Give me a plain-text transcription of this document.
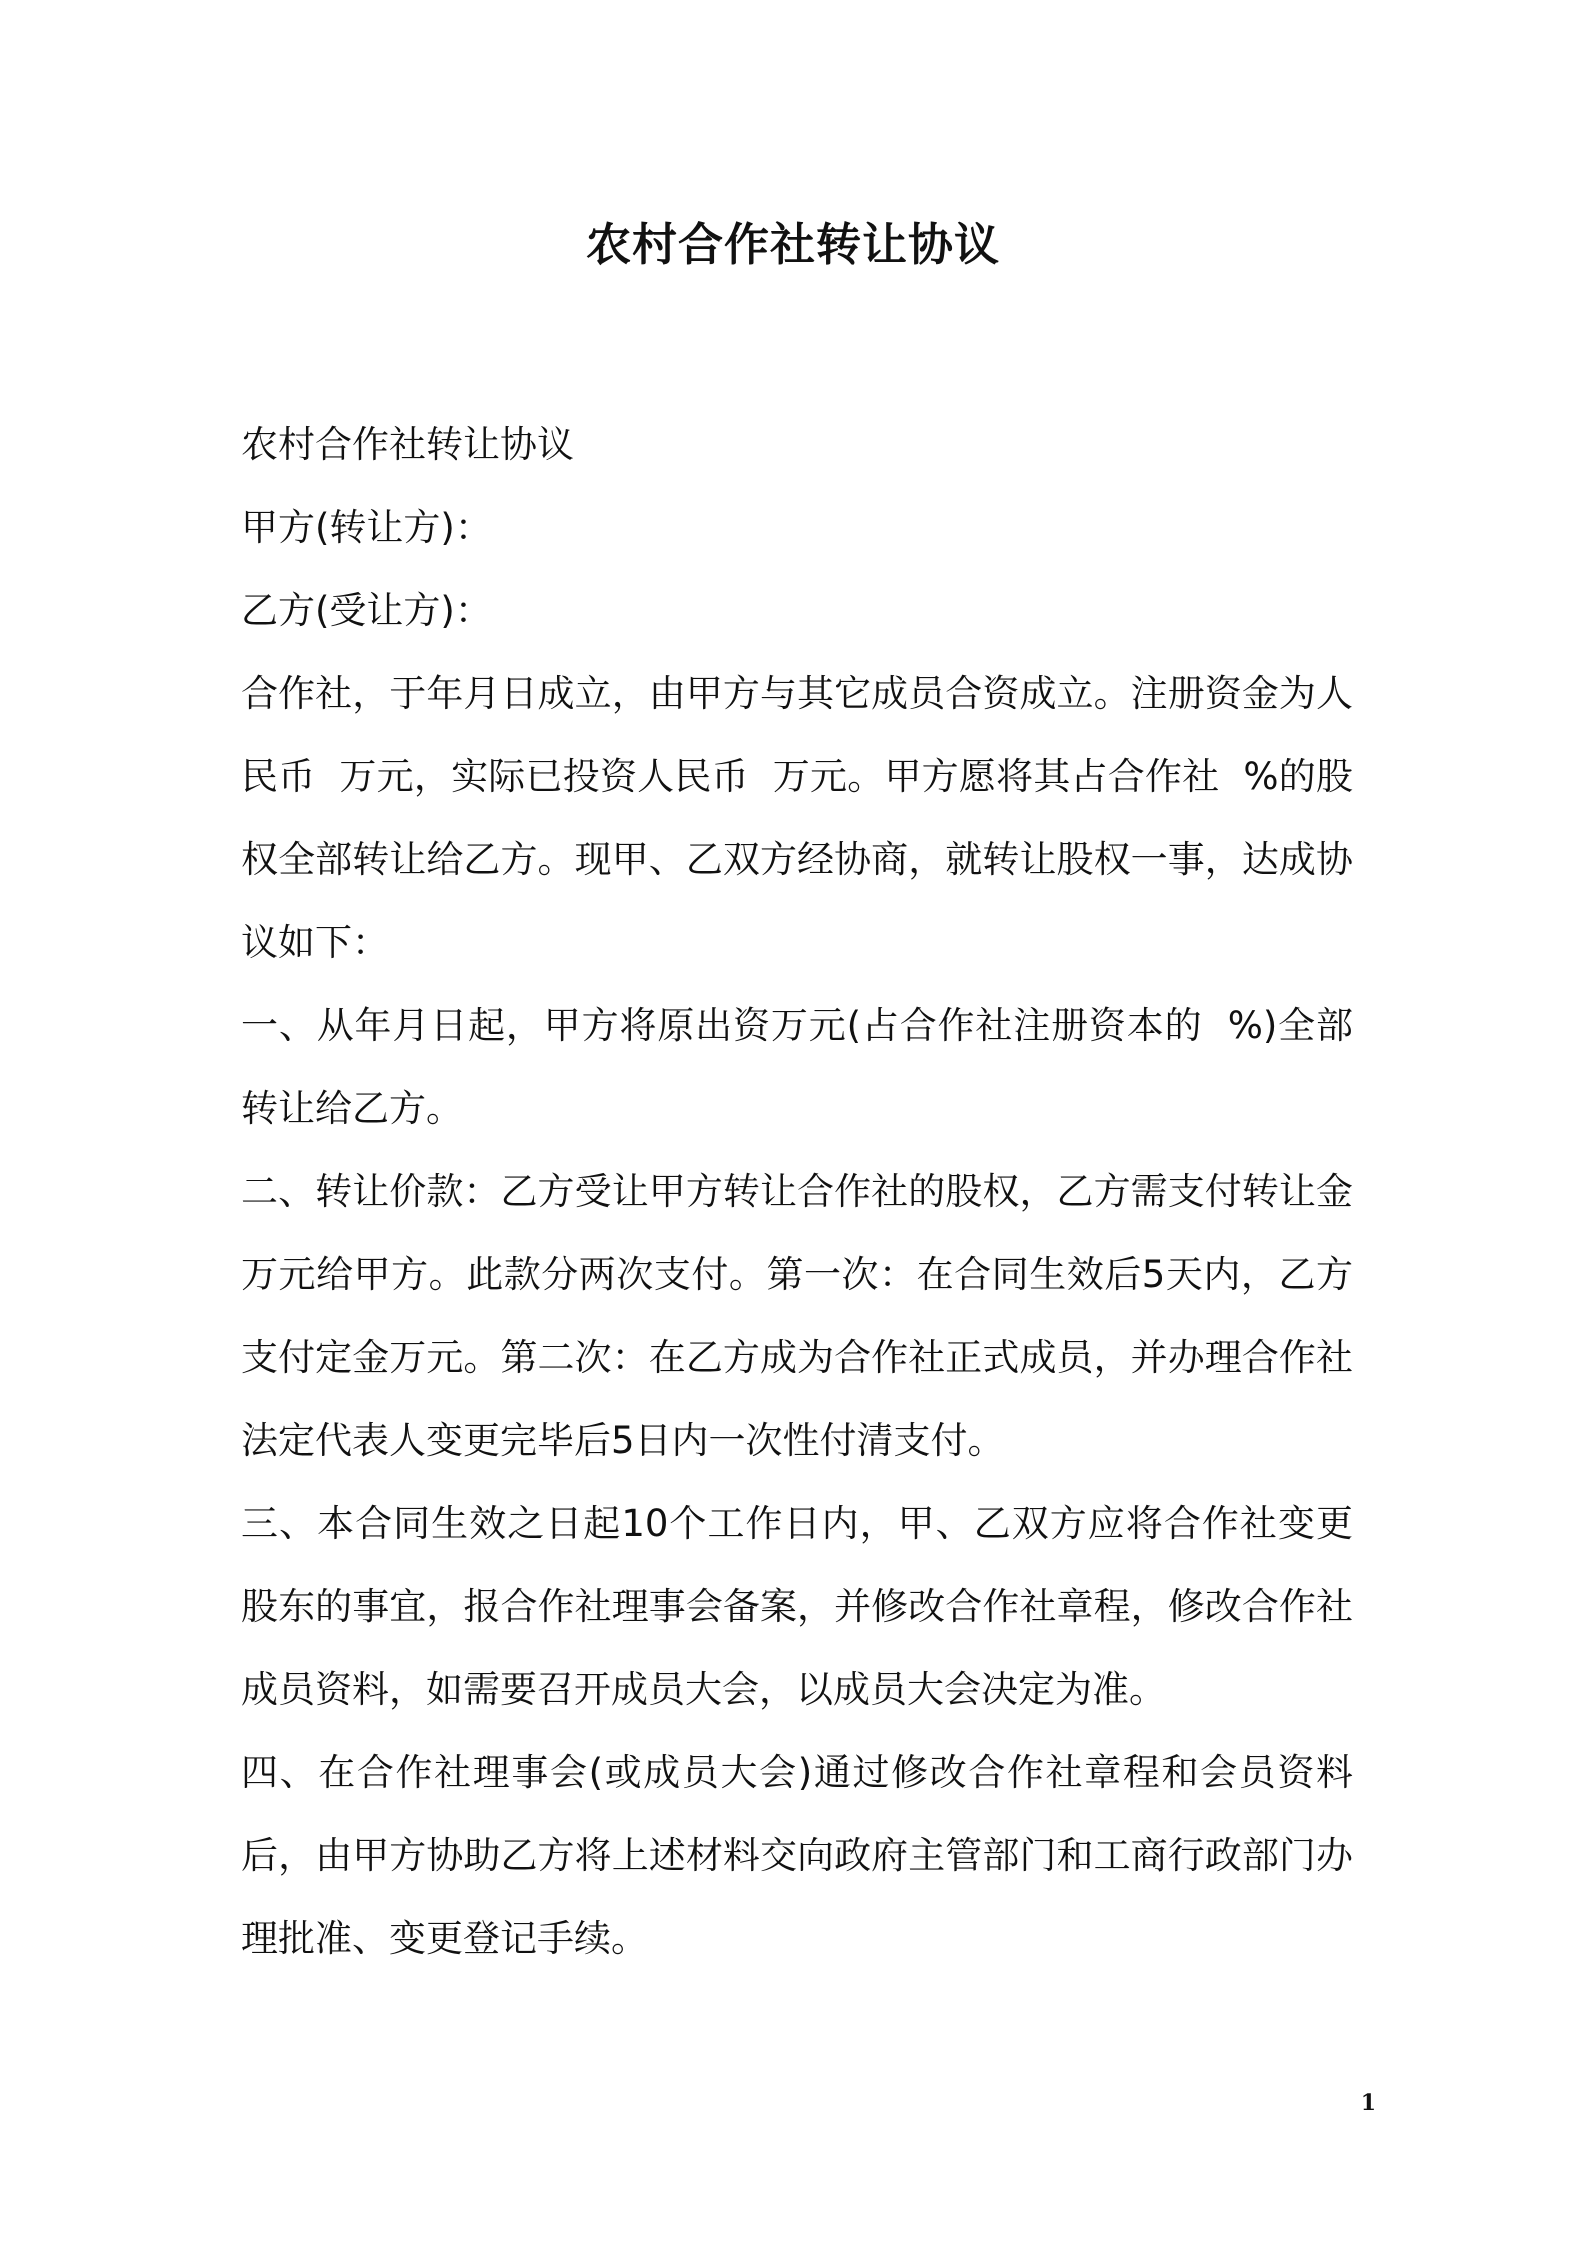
农村合作社转让协议

农村合作社转让协议

甲方(转让方)：

乙方(受让方)：

合作社，于年月日成立，由甲方与其它成员合资成立。注册资金为人民币  万元，实际已投资人民币  万元。甲方愿将其占合作社  %的股权全部转让给乙方。现甲、乙双方经协商，就转让股权一事，达成协议如下：

一、从年月日起，甲方将原出资万元(占合作社注册资本的  %)全部转让给乙方。

二、转让价款：乙方受让甲方转让合作社的股权，乙方需支付转让金万元给甲方。此款分两次支付。第一次：在合同生效后5天内，乙方支付定金万元。第二次：在乙方成为合作社正式成员，并办理合作社法定代表人变更完毕后5日内一次性付清支付。

三、本合同生效之日起10个工作日内，甲、乙双方应将合作社变更股东的事宜，报合作社理事会备案，并修改合作社章程，修改合作社成员资料，如需要召开成员大会，以成员大会决定为准。

四、在合作社理事会(或成员大会)通过修改合作社章程和会员资料后，由甲方协助乙方将上述材料交向政府主管部门和工商行政部门办理批准、变更登记手续。

1
